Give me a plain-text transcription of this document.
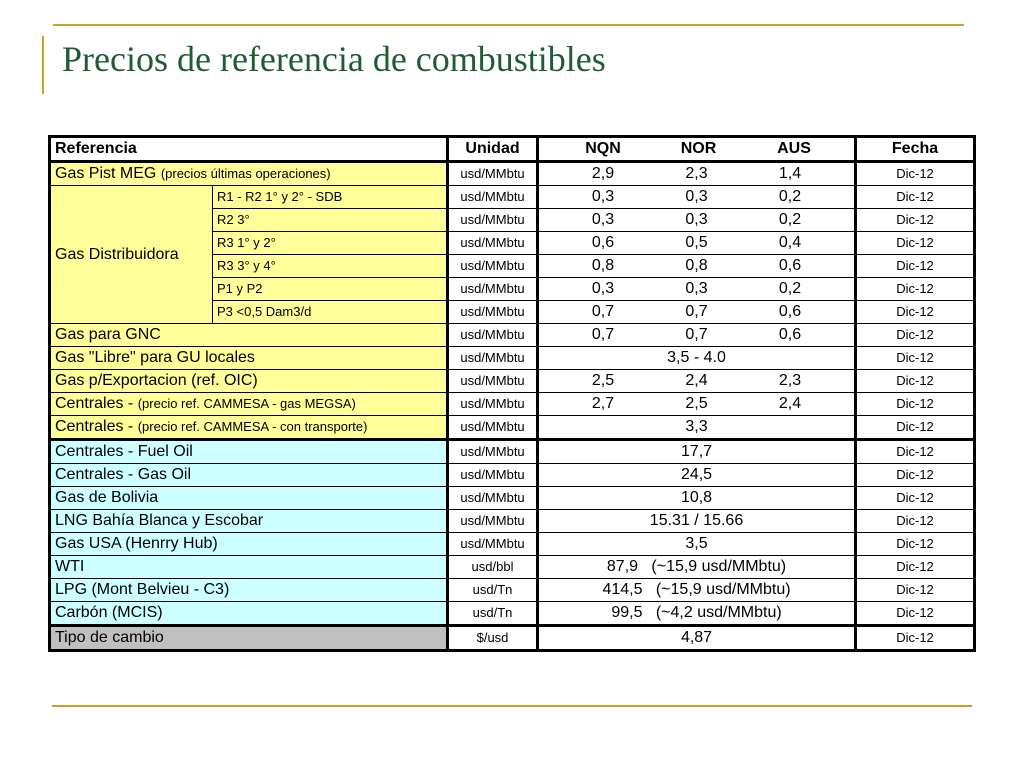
Precios de referencia de combustibles
Referencia		Unidad	NQN NOR AUS	Fecha
Gas Pist MEG (precios últimas operaciones)		usd/MMbtu	2,9 2,3 1,4	Dic-12
Gas Distribuidora	R1 - R2 1° y 2° - SDB	usd/MMbtu	0,3 0,3 0,2	Dic-12
	R2 3°	usd/MMbtu	0,3 0,3 0,2	Dic-12
	R3 1° y 2°	usd/MMbtu	0,6 0,5 0,4	Dic-12
	R3 3° y 4°	usd/MMbtu	0,8 0,8 0,6	Dic-12
	P1 y P2	usd/MMbtu	0,3 0,3 0,2	Dic-12
	P3 <0,5 Dam3/d	usd/MMbtu	0,7 0,7 0,6	Dic-12
Gas para GNC		usd/MMbtu	0,7 0,7 0,6	Dic-12
Gas "Libre" para GU locales		usd/MMbtu	3,5 - 4.0	Dic-12
Gas p/Exportacion (ref. OIC)		usd/MMbtu	2,5 2,4 2,3	Dic-12
Centrales - (precio ref. CAMMESA - gas MEGSA)		usd/MMbtu	2,7 2,5 2,4	Dic-12
Centrales - (precio ref. CAMMESA - con transporte)		usd/MMbtu	3,3	Dic-12
Centrales - Fuel Oil		usd/MMbtu	17,7	Dic-12
Centrales - Gas Oil		usd/MMbtu	24,5	Dic-12
Gas de Bolivia		usd/MMbtu	10,8	Dic-12
LNG Bahía Blanca y Escobar		usd/MMbtu	15.31 / 15.66	Dic-12
Gas USA (Henrry Hub)		usd/MMbtu	3,5	Dic-12
WTI		usd/bbl	87,9 (~15,9 usd/MMbtu)	Dic-12
LPG (Mont Belvieu - C3)		usd/Tn	414,5 (~15,9 usd/MMbtu)	Dic-12
Carbón (MCIS)		usd/Tn	99,5 (~4,2 usd/MMbtu)	Dic-12
Tipo de cambio		$/usd	4,87	Dic-12
